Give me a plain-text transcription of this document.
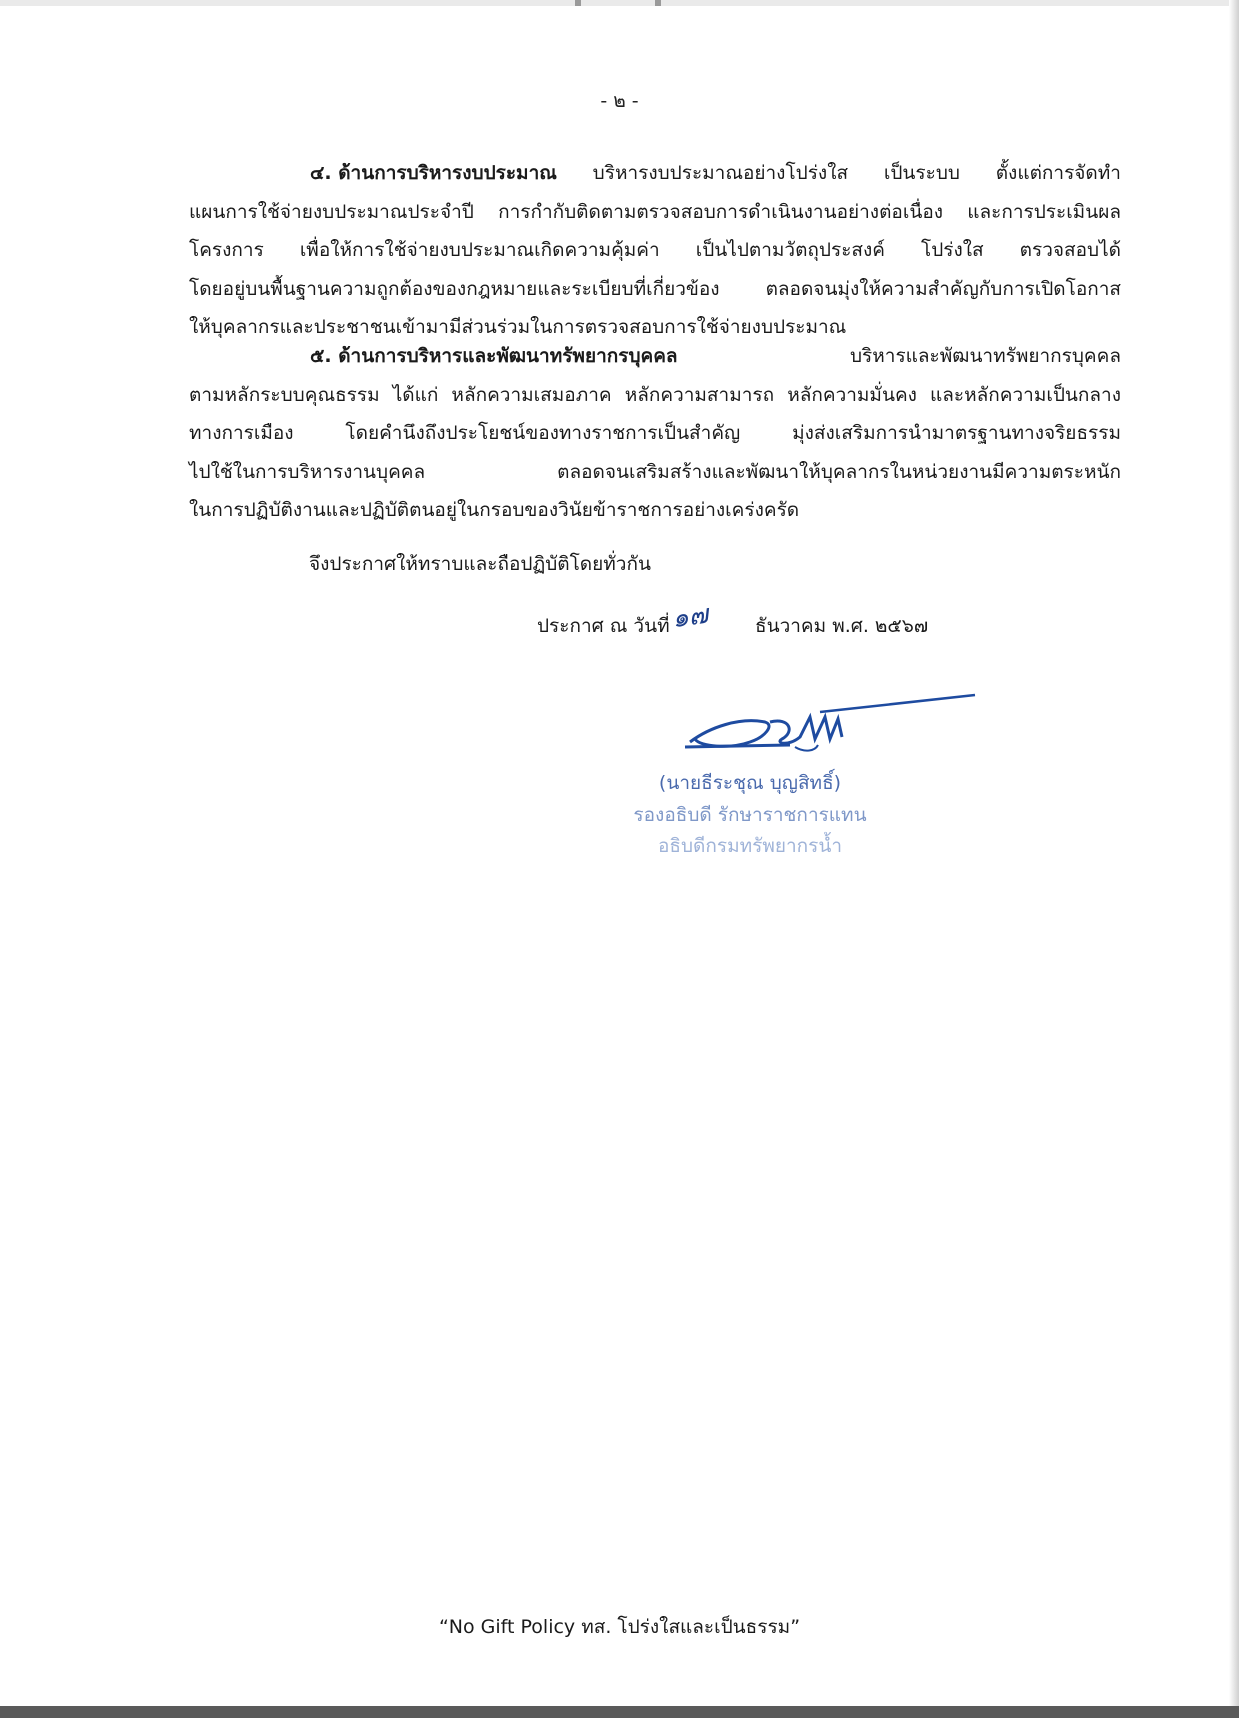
- ๒ -
๔. ด้านการบริหารงบประมาณ บริหารงบประมาณอย่างโปร่งใส เป็นระบบ ตั้งแต่การจัดทำ
แผนการใช้จ่ายงบประมาณประจำปี การกำกับติดตามตรวจสอบการดำเนินงานอย่างต่อเนื่อง และการประเมินผล
โครงการ เพื่อให้การใช้จ่ายงบประมาณเกิดความคุ้มค่า เป็นไปตามวัตถุประสงค์ โปร่งใส ตรวจสอบได้
โดยอยู่บนพื้นฐานความถูกต้องของกฎหมายและระเบียบที่เกี่ยวข้อง ตลอดจนมุ่งให้ความสำคัญกับการเปิดโอกาส
ให้บุคลากรและประชาชนเข้ามามีส่วนร่วมในการตรวจสอบการใช้จ่ายงบประมาณ
๕. ด้านการบริหารและพัฒนาทรัพยากรบุคคล	บริหารและพัฒนาทรัพยากรบุคคล
ตามหลักระบบคุณธรรม ได้แก่ หลักความเสมอภาค หลักความสามารถ หลักความมั่นคง และหลักความเป็นกลาง
ทางการเมือง	โดยคำนึงถึงประโยชน์ของทางราชการเป็นสำคัญ	มุ่งส่งเสริมการนำมาตรฐานทางจริยธรรม
ไปใช้ในการบริหารงานบุคคล	ตลอดจนเสริมสร้างและพัฒนาให้บุคลากรในหน่วยงานมีความตระหนัก
ในการปฏิบัติงานและปฏิบัติตนอยู่ในกรอบของวินัยข้าราชการอย่างเคร่งครัด
จึงประกาศให้ทราบและถือปฏิบัติโดยทั่วกัน
ประกาศ ณ วันที่ ๑๗ ธันวาคม พ.ศ. ๒๕๖๗
(นายธีระชุณ บุญสิทธิ์)
รองอธิบดี รักษาราชการแทน
อธิบดีกรมทรัพยากรน้ำ
“No Gift Policy ทส. โปร่งใสและเป็นธรรม”
